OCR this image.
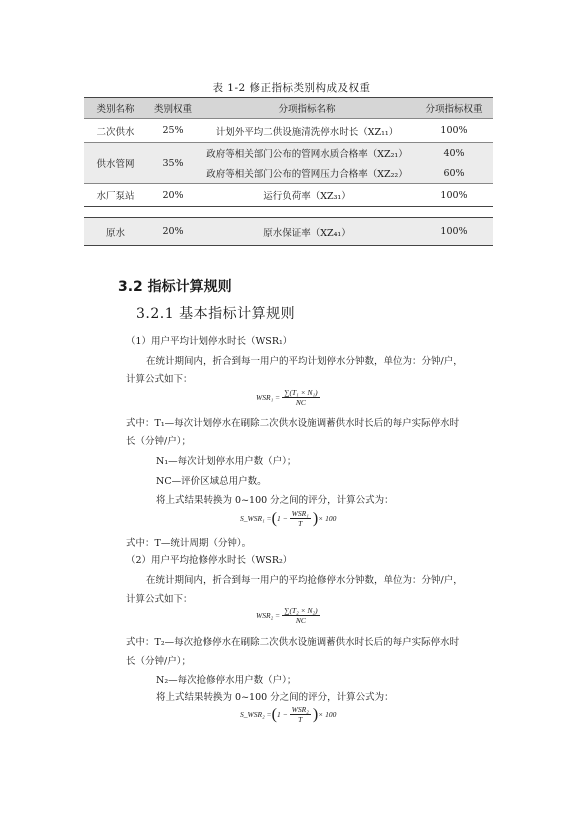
表 1-2 修正指标类别构成及权重
类别名称	类别权重	分项指标名称	分项指标权重
二次供水	25%	计划外平均二供设施清洗停水时长（XZ₁₁）	100%
供水管网	35%	政府等相关部门公布的管网水质合格率（XZ₂₁）	40%
		政府等相关部门公布的管网压力合格率（XZ₂₂）	60%
水厂泵站	20%	运行负荷率（XZ₃₁）	100%

原水	20%	原水保证率（XZ₄₁）	100%
3.2 指标计算规则
3.2.1 基本指标计算规则
（1）用户平均计划停水时长（WSR₁）
在统计期间内，折合到每一用户的平均计划停水分钟数，单位为：分钟/户，
计算公式如下：
$WSR_1 = \frac{\text{∑(T₁ × N₁)}}{NC}$
式中：T₁—每次计划停水在刷除二次供水设施调蓄供水时长后的每户实际停水时
长（分钟/户）；
N₁—每次计划停水用户数（户）；
NC—评价区域总用户数。
将上式结果转换为 0~100 分之间的评分，计算公式为：
S_WSR₁ = ( $1 - \frac{\text{WSR₁}}{T}$ ) × 100
式中：T—统计周期（分钟）。
（2）用户平均抢修停水时长（WSR₂）
在统计期间内，折合到每一用户的平均抢修停水分钟数，单位为：分钟/户，
计算公式如下：
$WSR_2 = \frac{\text{∑(T₂ × N₂)}}{NC}$
式中：T₂—每次抢修停水在刷除二次供水设施调蓄供水时长后的每户实际停水时
长（分钟/户）；
N₂—每次抢修停水用户数（户）；
将上式结果转换为 0~100 分之间的评分，计算公式为：
S_WSR₂ = ( $1 - \frac{\text{WSR₂}}{T}$ ) × 100
